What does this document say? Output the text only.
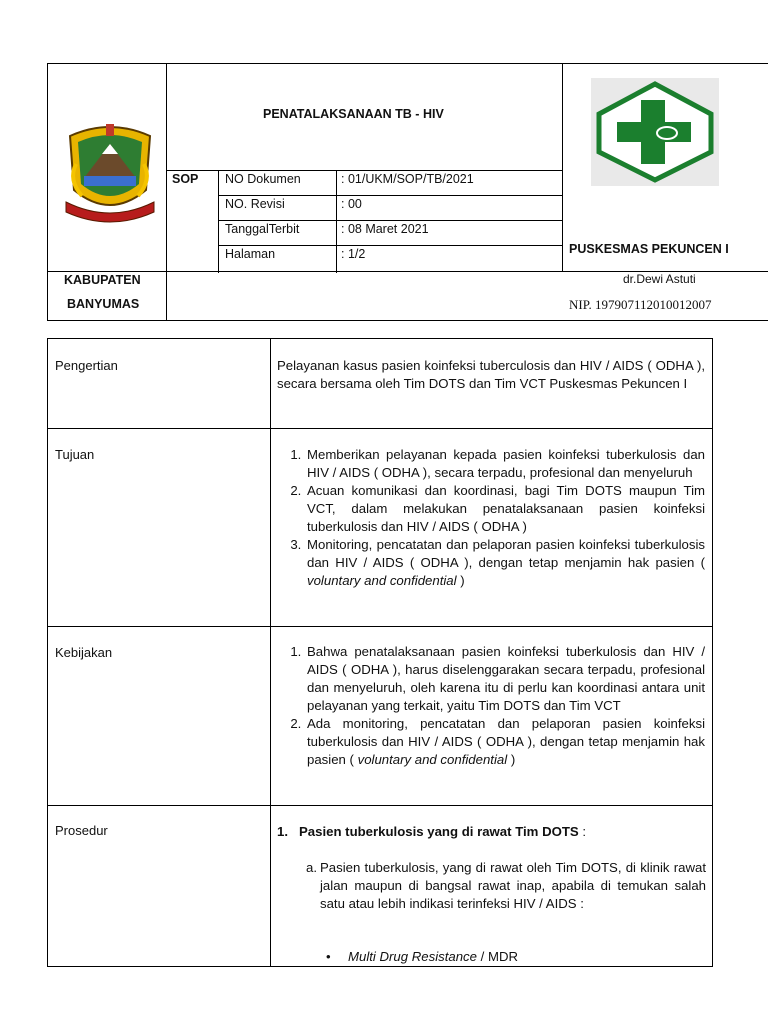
PENATALAKSANAAN TB - HIV
SOP NO Dokumen	: 01/UKM/SOP/TB/2021
NO. Revisi	: 00
TanggalTerbit	: 08 Maret 2021
Halaman	: 1/2	PUSKESMAS PEKUNCEN I
KABUPATEN
BANYUMAS
dr.Dewi Astuti
NIP. 197907112010012007
Pengertian	Pelayanan kasus pasien koinfeksi tuberculosis dan HIV / AIDS ( ODHA ), secara bersama oleh Tim DOTS dan Tim VCT Puskesmas Pekuncen I
Tujuan	1. Memberikan pelayanan kepada pasien koinfeksi tuberkulosis dan HIV / AIDS ( ODHA ), secara terpadu, profesional dan menyeluruh
2. Acuan komunikasi dan koordinasi, bagi Tim DOTS maupun Tim VCT, dalam melakukan penatalaksanaan pasien koinfeksi tuberkulosis dan HIV / AIDS ( ODHA )
3. Monitoring, pencatatan dan pelaporan pasien koinfeksi tuberkulosis dan HIV / AIDS ( ODHA ), dengan tetap menjamin hak pasien ( voluntary and confidential )
Kebijakan	1. Bahwa penatalaksanaan pasien koinfeksi tuberkulosis dan HIV / AIDS ( ODHA ), harus diselenggarakan secara terpadu, profesional dan menyeluruh, oleh karena itu di perlu kan koordinasi antara unit pelayanan yang terkait, yaitu Tim DOTS dan Tim VCT
2. Ada monitoring, pencatatan dan pelaporan pasien koinfeksi tuberkulosis dan HIV / AIDS ( ODHA ), dengan tetap menjamin hak pasien ( voluntary and confidential )
Prosedur	1. Pasien tuberkulosis yang di rawat Tim DOTS :
a. Pasien tuberkulosis, yang di rawat oleh Tim DOTS, di klinik rawat jalan maupun di bangsal rawat inap, apabila di temukan salah satu atau lebih indikasi terinfeksi HIV / AIDS :
• Multi Drug Resistance / MDR
